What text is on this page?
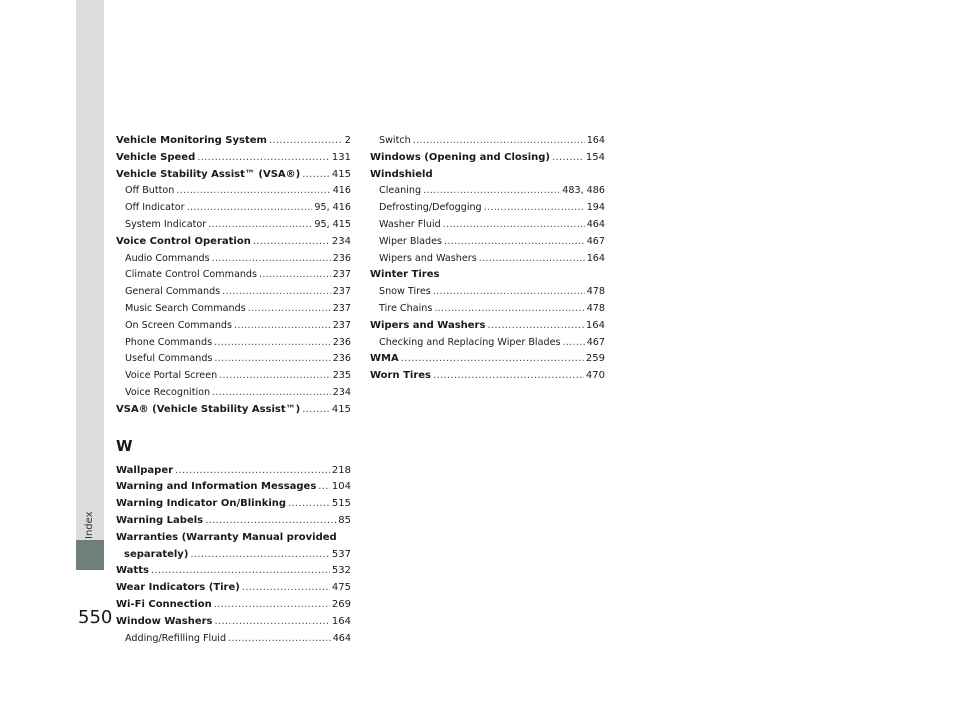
Index
550
Vehicle Monitoring System .....	2
Vehicle Speed .....	131
Vehicle Stability Assist™ (VSA®) .....	415
Off Button .....	416
Off Indicator .....	95, 416
System Indicator .....	95, 415
Voice Control Operation .....	234
Audio Commands .....	236
Climate Control Commands .....	237
General Commands .....	237
Music Search Commands .....	237
On Screen Commands .....	237
Phone Commands .....	236
Useful Commands .....	236
Voice Portal Screen .....	235
Voice Recognition .....	234
VSA® (Vehicle Stability Assist™) .....	415
W
Wallpaper .....	218
Warning and Information Messages ..... 104
Warning Indicator On/Blinking .....	515
Warning Labels .....	85
Warranties (Warranty Manual provided
separately) .....	537
Watts .....	532
Wear Indicators (Tire) .....	475
Wi-Fi Connection .....	269
Window Washers .....	164
Adding/Refilling Fluid .....	464
Switch .....	164
Windows (Opening and Closing) .....	154
Windshield
Cleaning .....	483, 486
Defrosting/Defogging .....	194
Washer Fluid .....	464
Wiper Blades .....	467
Wipers and Washers .....	164
Winter Tires
Snow Tires .....	478
Tire Chains .....	478
Wipers and Washers .....	164
Checking and Replacing Wiper Blades .....	467
WMA .....	259
Worn Tires .....	470
